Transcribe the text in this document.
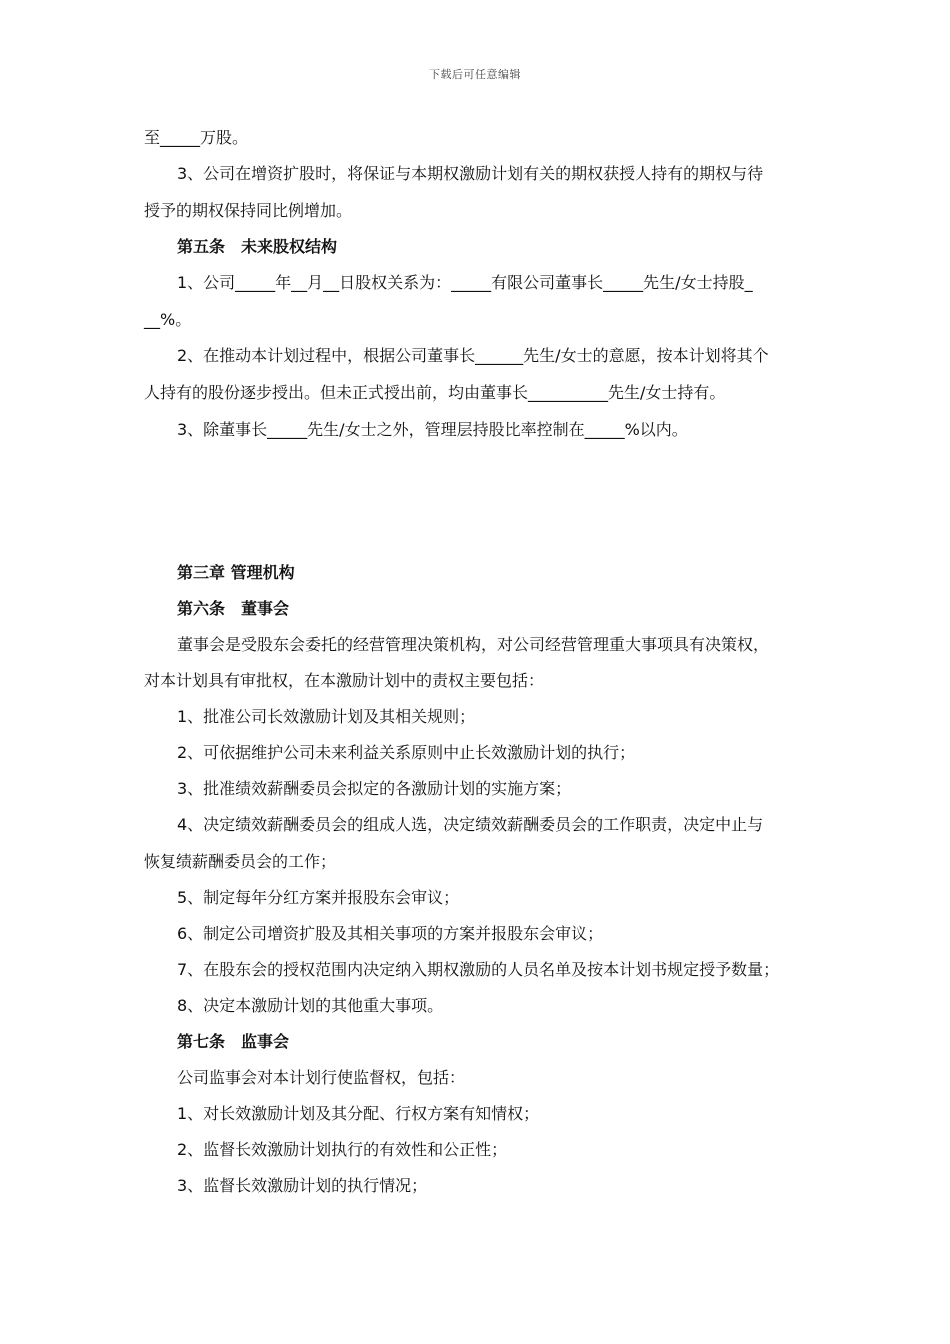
下载后可任意编辑
至_____万股。
3、公司在增资扩股时，将保证与本期权激励计划有关的期权获授人持有的期权与待
授予的期权保持同比例增加。
第五条　未来股权结构
1、公司_____年__月__日股权关系为：_____有限公司董事长_____先生/女士持股_
__%。
2、在推动本计划过程中，根据公司董事长______先生/女士的意愿，按本计划将其个
人持有的股份逐步授出。但未正式授出前，均由董事长__________先生/女士持有。
3、除董事长_____先生/女士之外，管理层持股比率控制在_____%以内。
第三章 管理机构
第六条　董事会
董事会是受股东会委托的经营管理决策机构，对公司经营管理重大事项具有决策权，
对本计划具有审批权，在本激励计划中的责权主要包括：
1、批准公司长效激励计划及其相关规则；
2、可依据维护公司未来利益关系原则中止长效激励计划的执行；
3、批准绩效薪酬委员会拟定的各激励计划的实施方案；
4、决定绩效薪酬委员会的组成人选，决定绩效薪酬委员会的工作职责，决定中止与
恢复绩薪酬委员会的工作；
5、制定每年分红方案并报股东会审议；
6、制定公司增资扩股及其相关事项的方案并报股东会审议；
7、在股东会的授权范围内决定纳入期权激励的人员名单及按本计划书规定授予数量；
8、决定本激励计划的其他重大事项。
第七条　监事会
公司监事会对本计划行使监督权，包括：
1、对长效激励计划及其分配、行权方案有知情权；
2、监督长效激励计划执行的有效性和公正性；
3、监督长效激励计划的执行情况；
